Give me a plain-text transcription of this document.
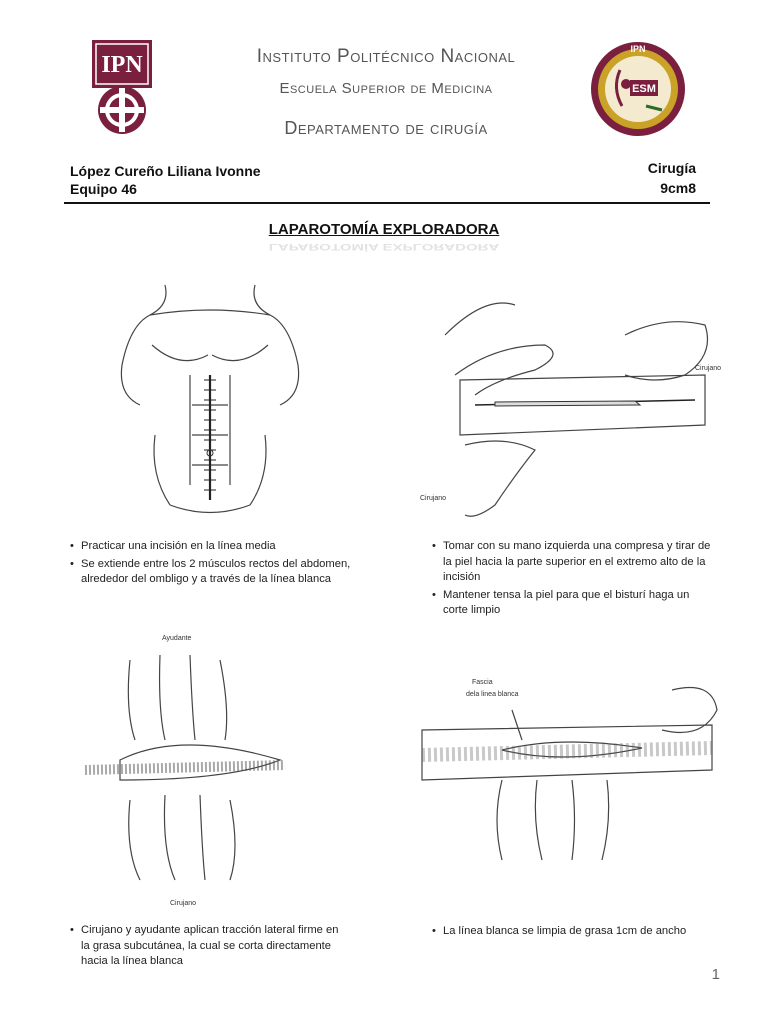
IPN	Instituto Politécnico Nacional
Escuela Superior de Medicina
Departamento de cirugía
IPN
ESM
López Cureño Liliana Ivonne
Equipo 46
Cirugía
9cm8
LAPAROTOMÍA EXPLORADORA
LAPAROTOMÍA EXPLORADORA
Cirujano
Cirujano
• Practicar una incisión en la línea media
• Se extiende entre los 2 músculos rectos del abdomen, alrededor del ombligo y a través de la línea blanca
• Tomar con su mano izquierda una compresa y tirar de la piel hacia la parte superior en el extremo alto de la incisión
• Mantener tensa la piel para que el bisturí haga un corte limpio
Ayudante
Cirujano
Fascia
dela linea blanca
• Cirujano y ayudante aplican tracción lateral firme en la grasa subcutánea, la cual se corta directamente hacia la línea blanca
• La línea blanca se limpia de grasa 1cm de ancho
1
